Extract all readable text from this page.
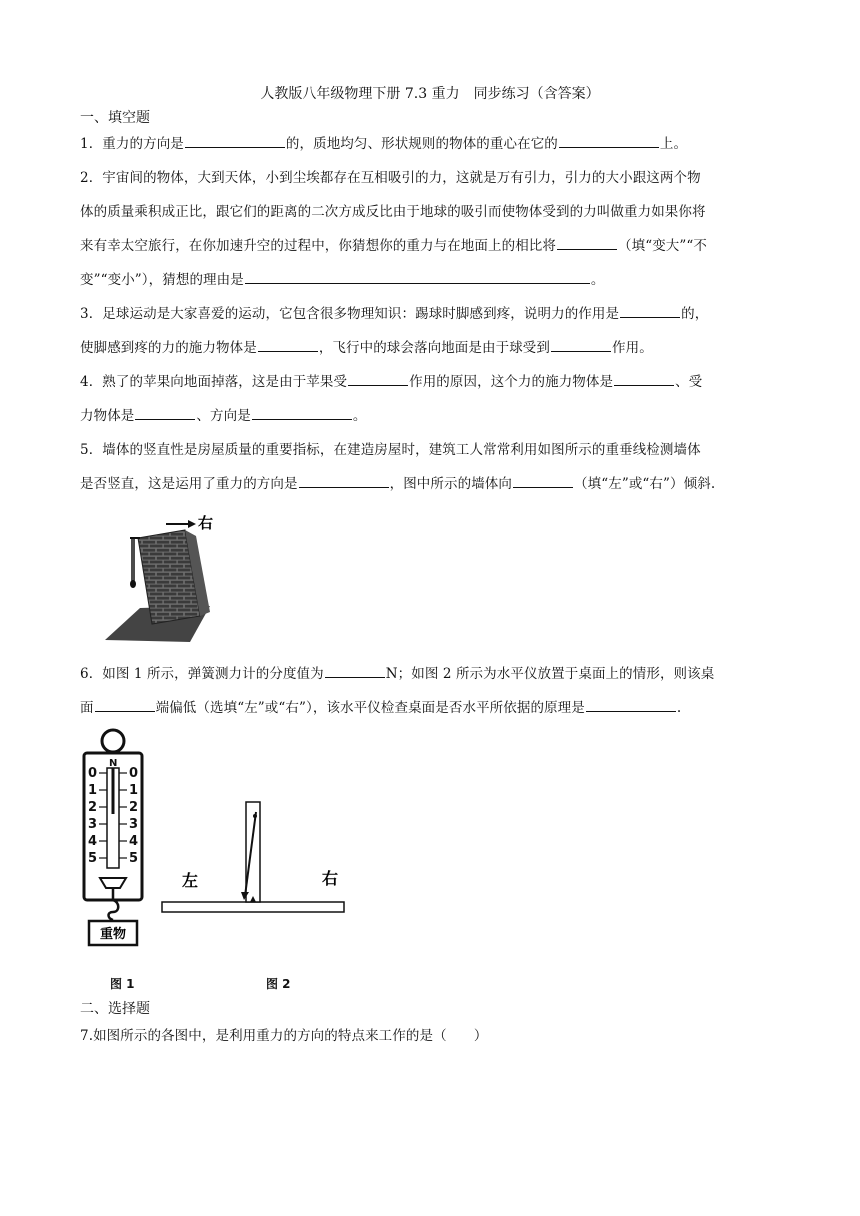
人教版八年级物理下册 7.3 重力　同步练习（含答案）
一、填空题

1．重力的方向是	的，质地均匀、形状规则的物体的重心在它的	上。

2．宇宙间的物体，大到天体，小到尘埃都存在互相吸引的力，这就是万有引力，引力的大小跟这两个物

体的质量乘积成正比，跟它们的距离的二次方成反比由于地球的吸引而使物体受到的力叫做重力如果你将

来有幸太空旅行，在你加速升空的过程中，你猜想你的重力与在地面上的相比将	（填“变大”“不

变”“变小”），猜想的理由是	。

3．足球运动是大家喜爱的运动，它包含很多物理知识：踢球时脚感到疼，说明力的作用是	的，

使脚感到疼的力的施力物体是	，飞行中的球会落向地面是由于球受到	作用。

4．熟了的苹果向地面掉落，这是由于苹果受	作用的原因，这个力的施力物体是	、受

力物体是	、方向是	。

5．墙体的竖直性是房屋质量的重要指标，在建造房屋时，建筑工人常常利用如图所示的重垂线检测墙体

是否竖直，这是运用了重力的方向是	，图中所示的墙体向	（填“左”或“右”）倾斜.

右

6．如图 1 所示，弹簧测力计的分度值为	N；如图 2 所示为水平仪放置于桌面上的情形，则该桌

面	端偏低（选填“左”或“右”），该水平仪检查桌面是否水平所依据的原理是	.

N
0 0
1 1
2 2
3 3
4 4
5 5
重物
左	右
图 1	图 2
二、选择题

7.如图所示的各图中，是利用重力的方向的特点来工作的是（　　）
